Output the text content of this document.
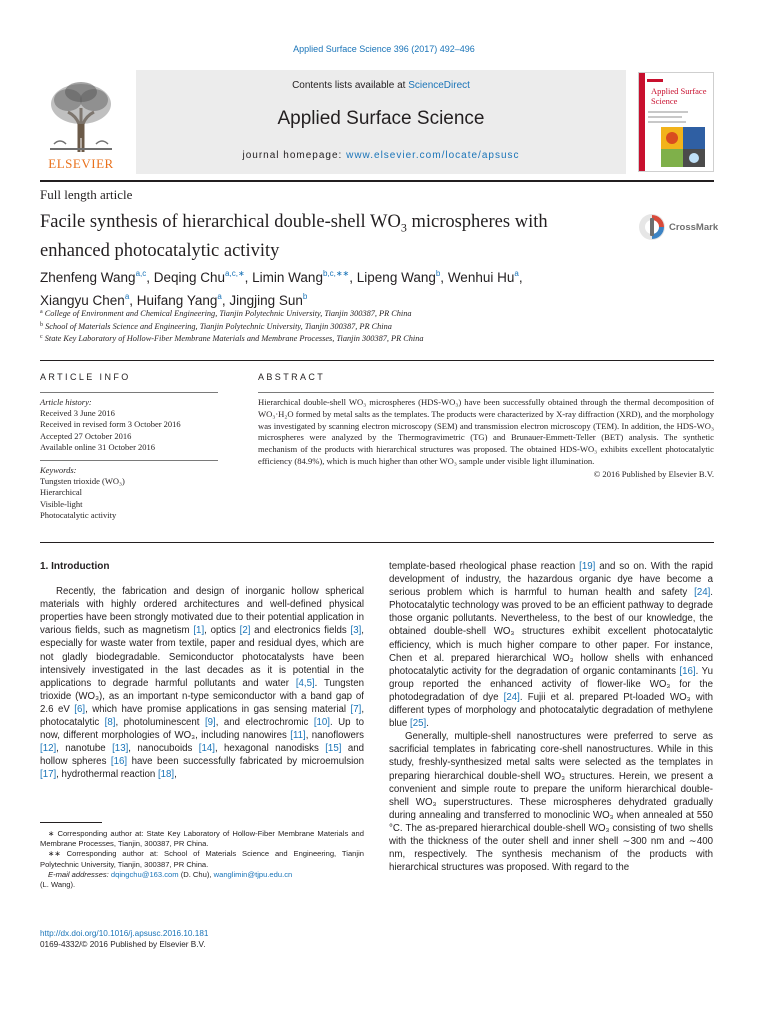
Applied Surface Science 396 (2017) 492–496
ELSEVIER
Contents lists available at ScienceDirect
Applied Surface Science
journal homepage: www.elsevier.com/locate/apsusc
Applied Surface Science
Full length article
Facile synthesis of hierarchical double-shell $WO_3$ microspheres with
enhanced photocatalytic activity
CrossMark
Zhenfeng Wang$^{a,c}$, Deqing Chu$^{a,c,∗}$, Limin Wang$^{b,c,∗∗}$, Lipeng Wang$^b$, Wenhui Hu$^a$,
Xiangyu Chen$^a$, Huifang Yang$^a$, Jingjing Sun$^b$
$^a$ College of Environment and Chemical Engineering, Tianjin Polytechnic University, Tianjin 300387, PR China
$^b$ School of Materials Science and Engineering, Tianjin Polytechnic University, Tianjin 300387, PR China
$^c$ State Key Laboratory of Hollow-Fiber Membrane Materials and Membrane Processes, Tianjin 300387, PR China
ARTICLE INFO
Article history:
Received 3 June 2016
Received in revised form 3 October 2016
Accepted 27 October 2016
Available online 31 October 2016
Keywords:
Tungsten trioxide (WO₃)
Hierarchical
Visible-light
Photocatalytic activity
ABSTRACT
Hierarchical double-shell WO₃ microspheres (HDS-WO₃) have been successfully obtained through the thermal decomposition of WO₃·H₂O formed by metal salts as the templates. The products were characterized by X-ray diffraction (XRD), and the morphology was investigated by scanning electron microscopy (SEM) and transmission electron microscopy (TEM). In addition, the HDS-WO₃ microspheres were analyzed by the Thermogravimetric (TG) and Brunauer-Emmett-Teller (BET) analysis. The synthetic mechanism of the products with hierarchical structures was proposed. The obtained HDS-WO₃ exhibits excellent photocatalytic efficiency (84.9%), which is much higher than other WO₃ sample under visible light illumination.
© 2016 Published by Elsevier B.V.
1. Introduction

Recently, the fabrication and design of inorganic hollow spherical materials with highly ordered architectures and well-defined physical properties have been strongly motivated due to their potential application in various fields, such as magnetism [1], optics [2] and electronics fields [3], especially for waste water from textile, paper and residual dyes, which are not gladly biodegradable. Semiconductor photocatalysts have been intensively investigated in the last decades as it is potential in the applications to degrade harmful pollutants and water [4,5]. Tungsten trioxide (WO₃), as an important n-type semiconductor with a band gap of 2.6 eV [6], which have promise applications in gas sensing material [7], photocatalytic [8], photoluminescent [9], and electrochromic [10]. Up to now, different morphologies of WO₃, including nanowires [11], nanoflowers [12], nanotube [13], nanocuboids [14], hexagonal nanodisks [15] and hollow spheres [16] have been successfully fabricated by microemulsion [17], hydrothermal reaction [18],

template-based rheological phase reaction [19] and so on. With the rapid development of industry, the hazardous organic dye have become a serious problem which is harmful to human health and safety [24]. Photocatalytic technology was proved to be an efficient pathway to degrade those organic pollutants. Nevertheless, to the best of our knowledge, the obtained double-shell WO₃ structures exhibit excellent photocatalytic efficiency, which is much higher compare to other paper. For instance, Chen et al. prepared hierarchical WO₃ hollow shells with enhanced photocatalytic activity for the degradation of organic contaminants [16]. Yu group reported the enhanced activity of flower-like WO₃ for the photodegradation of dye [24]. Fujii et al. prepared Pt-loaded WO₃ with different types of morphology and photocatalytic degradation of methylene blue [25].

Generally, multiple-shell nanostructures were preferred to serve as sacrificial templates in fabricating core-shell nanostructures. While in this study, freshly-synthesized metal salts were selected as the templates in preparing hierarchical double-shell WO₃ structures. Herein, we present a convenient and simple route to prepare the uniform hierarchical double-shell WO₃ superstructures. These microspheres dehydrated gradually during annealing and transferred to monoclinic WO₃ when annealed at 550 °C. The as-prepared hierarchical double-shell WO₃ consisting of two shells with the thickness of the outer shell and inner shell ∼300 nm and ∼400 nm, respectively. The synthesis mechanism of the products with hierarchical structures was proposed. With regard to the

∗ Corresponding author at: State Key Laboratory of Hollow-Fiber Membrane Materials and Membrane Processes, Tianjin, 300387, PR China.
∗∗ Corresponding author at: School of Materials Science and Engineering, Tianjin Polytechnic University, Tianjin, 300387, PR China.
E-mail addresses: dqingchu@163.com (D. Chu), wanglimin@tjpu.edu.cn
(L. Wang).
http://dx.doi.org/10.1016/j.apsusc.2016.10.181
0169-4332/© 2016 Published by Elsevier B.V.
